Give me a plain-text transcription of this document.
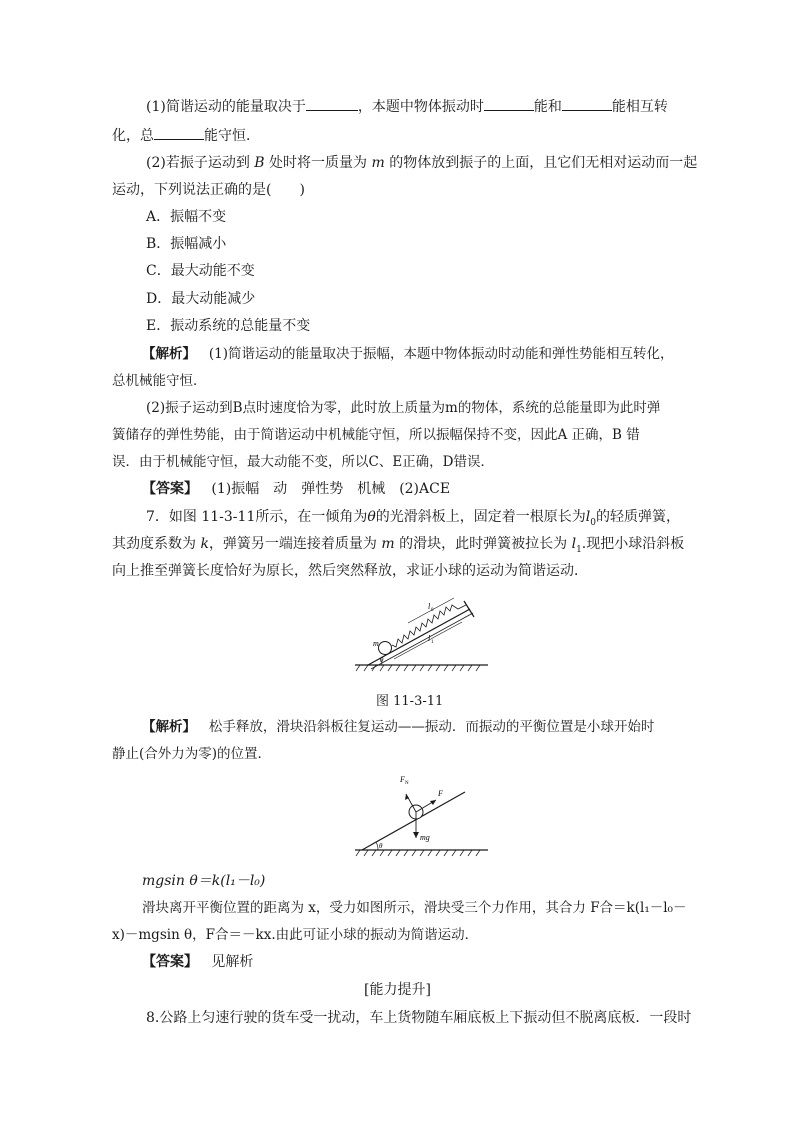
(1)简谐运动的能量取决于	，本题中物体振动时	能和	能相互转
化，总	能守恒．
(2)若振子运动到 B 处时将一质量为 m 的物体放到振子的上面，且它们无相对运动而一起
运动，下列说法正确的是(　　)
A．振幅不变
B．振幅减小
C．最大动能不变
D．最大动能减少
E．振动系统的总能量不变
【解析】 (1)简谐运动的能量取决于振幅，本题中物体振动时动能和弹性势能相互转化，
总机械能守恒．
(2)振子运动到B点时速度恰为零，此时放上质量为m的物体，系统的总能量即为此时弹
簧储存的弹性势能，由于简谐运动中机械能守恒，所以振幅保持不变，因此A 正确，B 错
误．由于机械能守恒，最大动能不变，所以C、E正确，D错误．
【答案】 (1)振幅　动　弹性势　机械　(2)ACE
7．如图 11-3-11所示，在一倾角为θ的光滑斜板上，固定着一根原长为$l_0$的轻质弹簧，
其劲度系数为 k，弹簧另一端连接着质量为 m 的滑块，此时弹簧被拉长为 $l_1$.现把小球沿斜板
向上推至弹簧长度恰好为原长，然后突然释放，求证小球的运动为简谐运动．
m
θ
l 0
l 1
图 11-3-11
【解析】 松手释放，滑块沿斜板往复运动——振动．而振动的平衡位置是小球开始时
静止(合外力为零)的位置．
F N
F
mg
θ
mgsin θ＝k(l₁－l₀)
滑块离开平衡位置的距离为 x，受力如图所示，滑块受三个力作用，其合力 F合＝k(l₁－l₀－
x)－mgsin θ，F合＝－kx.由此可证小球的振动为简谐运动．
【答案】 见解析
[能力提升]
8.公路上匀速行驶的货车受一扰动，车上货物随车厢底板上下振动但不脱离底板．一段时
